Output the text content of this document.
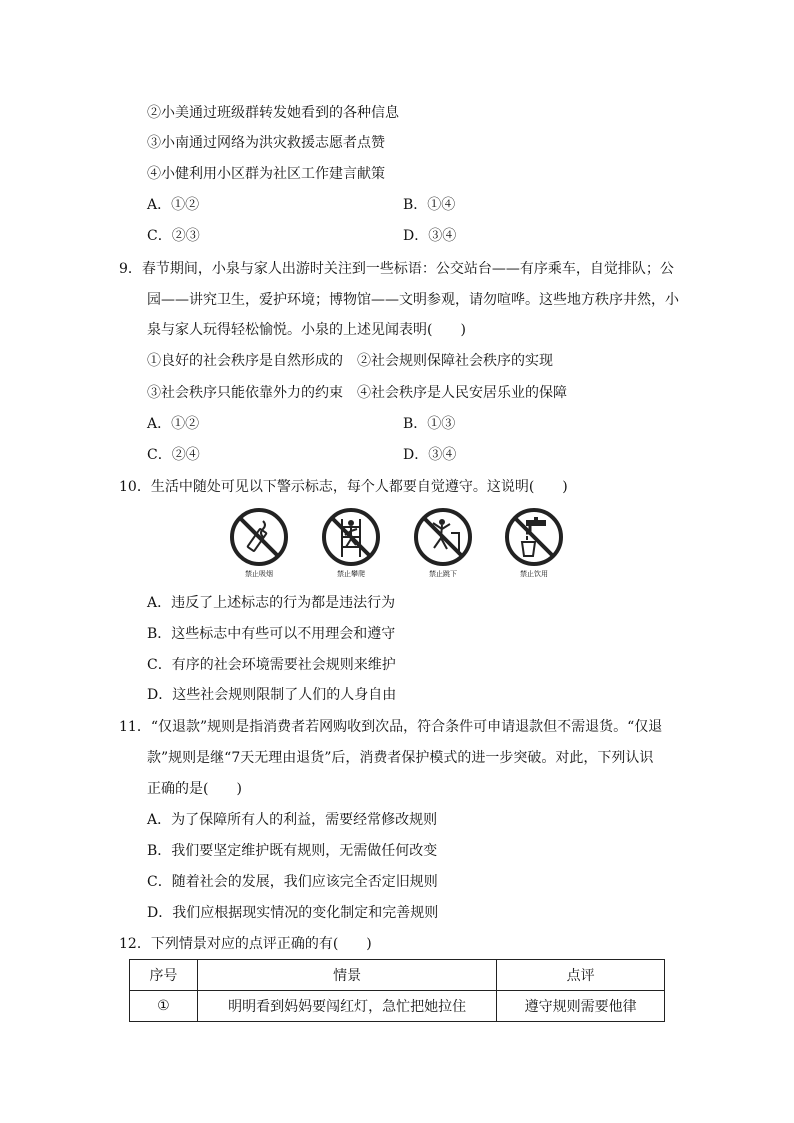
②小美通过班级群转发她看到的各种信息
③小南通过网络为洪灾救援志愿者点赞
④小健利用小区群为社区工作建言献策
A．①②	B．①④
C．②③	D．③④
9．春节期间，小泉与家人出游时关注到一些标语：公交站台——有序乘车，自觉排队；公
园——讲究卫生，爱护环境；博物馆——文明参观，请勿喧哗。这些地方秩序井然，小
泉与家人玩得轻松愉悦。小泉的上述见闻表明(　　)
①良好的社会秩序是自然形成的　②社会规则保障社会秩序的实现
③社会秩序只能依靠外力的约束　④社会秩序是人民安居乐业的保障
A．①②	B．①③
C．②④	D．③④
10．生活中随处可见以下警示标志，每个人都要自觉遵守。这说明(　　)
禁止吸烟	禁止攀爬	禁止跳下	禁止饮用
A．违反了上述标志的行为都是违法行为
B．这些标志中有些可以不用理会和遵守
C．有序的社会环境需要社会规则来维护
D．这些社会规则限制了人们的人身自由
11．“仅退款”规则是指消费者若网购收到次品，符合条件可申请退款但不需退货。“仅退
款”规则是继“7天无理由退货”后，消费者保护模式的进一步突破。对此，下列认识
正确的是(　　)
A．为了保障所有人的利益，需要经常修改规则
B．我们要坚定维护既有规则，无需做任何改变
C．随着社会的发展，我们应该完全否定旧规则
D．我们应根据现实情况的变化制定和完善规则
12．下列情景对应的点评正确的有(　　)
序号	情景	点评
①	明明看到妈妈要闯红灯，急忙把她拉住	遵守规则需要他律
